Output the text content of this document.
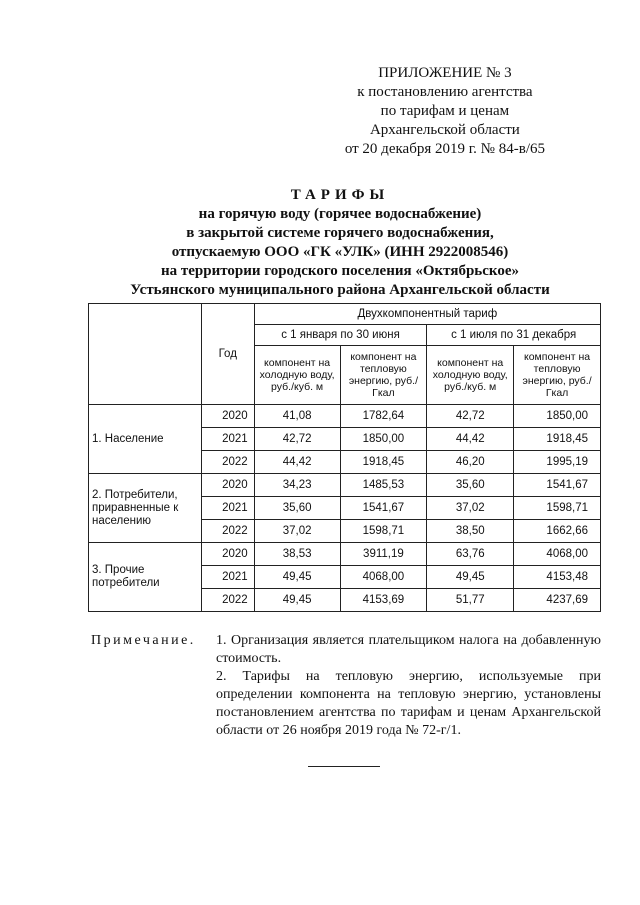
ПРИЛОЖЕНИЕ № 3
к постановлению агентства
по тарифам и ценам
Архангельской области
от 20 декабря 2019 г. № 84-в/65
ТАРИФЫ
на горячую воду (горячее водоснабжение)
в закрытой системе горячего водоснабжения,
отпускаемую ООО «ГК «УЛК» (ИНН 2922008546)
на территории городского поселения «Октябрьское»
Устьянского муниципального района Архангельской области
	Год	Двухкомпонентный тариф			
		с 1 января по 30 июня		с 1 июля по 31 декабря	
		компонент на холодную воду, руб./куб. м	компонент на тепловую энергию, руб./Гкал	компонент на холодную воду, руб./куб. м	компонент на тепловую энергию, руб./Гкал
1. Население	2020	41,08	1782,64	42,72	1850,00
	2021	42,72	1850,00	44,42	1918,45
	2022	44,42	1918,45	46,20	1995,19
2. Потребители, приравненные к населению	2020	34,23	1485,53	35,60	1541,67
	2021	35,60	1541,67	37,02	1598,71
	2022	37,02	1598,71	38,50	1662,66
3. Прочие потребители	2020	38,53	3911,19	63,76	4068,00
	2021	49,45	4068,00	49,45	4153,48
	2022	49,45	4153,69	51,77	4237,69
Примечание. 1. Организация является плательщиком налога на добавленную стоимость.

2. Тарифы на тепловую энергию, используемые при определении компонента на тепловую энергию, установлены постановлением агентства по тарифам и ценам Архангельской области от 26 ноября 2019 года № 72-г/1.
